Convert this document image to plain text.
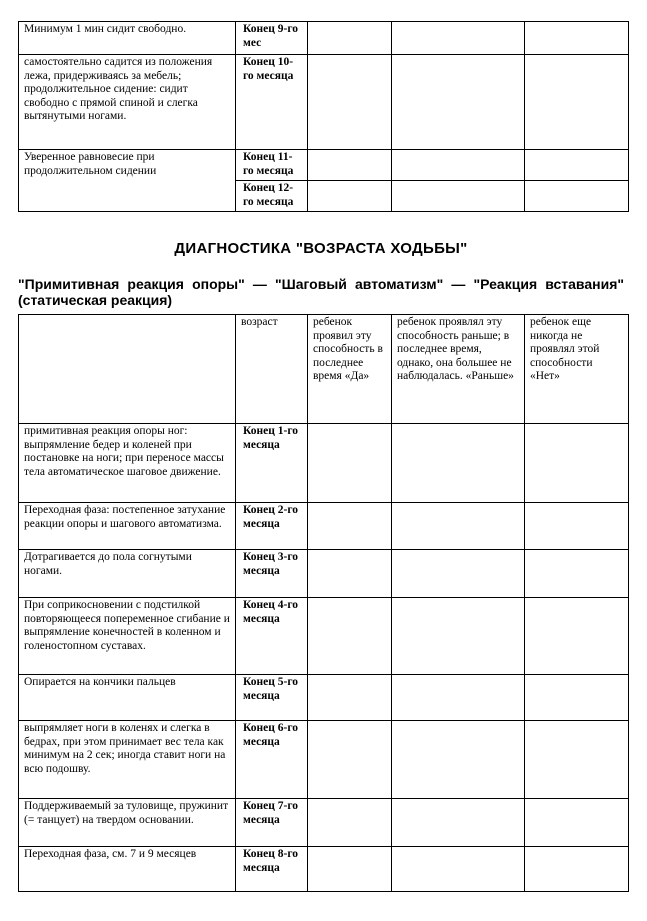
Минимум 1 мин сидит свободно.	Конец 9-го мес			
самостоятельно садится из положения лежа, придерживаясь за мебель; продолжительное сидение: сидит свободно с прямой спиной и слегка вытянутыми ногами.	Конец 10-го месяца			
Уверенное равновесие при продолжительном сидении	Конец 11-го месяца			
	Конец 12-го месяца			
ДИАГНОСТИКА "ВОЗРАСТА ХОДЬБЫ"
"Примитивная реакция опоры" — "Шаговый автоматизм" — "Реакция вставания" (статическая реакция)
	возраст	ребенок проявил эту способность в последнее время «Да»	ребенок проявлял эту способность раньше; в последнее время, однако, она большее не наблюдалась. «Раньше»	ребенок еще никогда не проявлял этой способности «Нет»
примитивная реакция опоры ног: выпрямление бедер и коленей при постановке на ноги; при переносе массы тела автоматическое шаговое движение.	Конец 1-го месяца			
Переходная фаза: постепенное затухание реакции опоры и шагового автоматизма.	Конец 2-го месяца			
Дотрагивается до пола согнутыми ногами.	Конец 3-го месяца			
При соприкосновении с подстилкой повторяющееся попеременное сгибание и выпрямление конечностей в коленном и голеностопном суставах.	Конец 4-го месяца			
Опирается на кончики пальцев	Конец 5-го месяца			
выпрямляет ноги в коленях и слегка в бедрах, при этом принимает вес тела как минимум на 2 сек; иногда ставит ноги на всю подошву.	Конец 6-го месяца			
Поддерживаемый за туловище, пружинит (= танцует) на твердом основании.	Конец 7-го месяца			
Переходная фаза, см. 7 и 9 месяцев	Конец 8-го месяца			
